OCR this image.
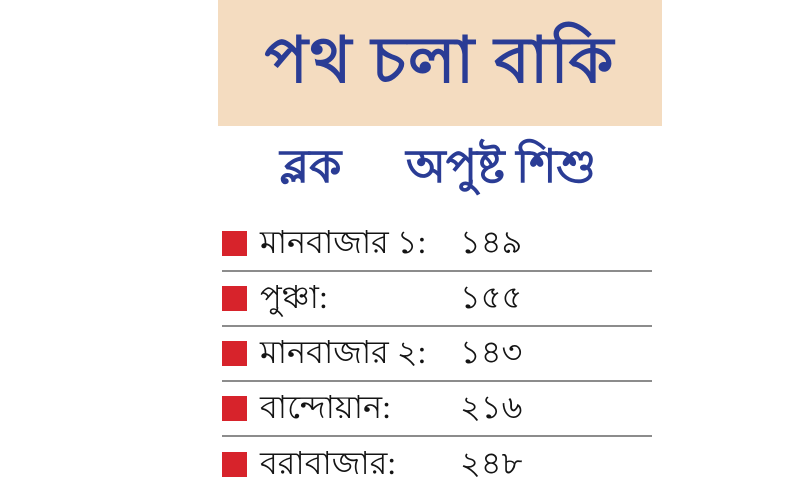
পথ চলা বাকি
ব্লক অপুষ্ট শিশু
মানবাজার ১: ১৪৯
পুঞ্চা:	১৫৫
মানবাজার ২: ১৪৩
বান্দোয়ান: ২১৬
বরাবাজার: ২৪৮
